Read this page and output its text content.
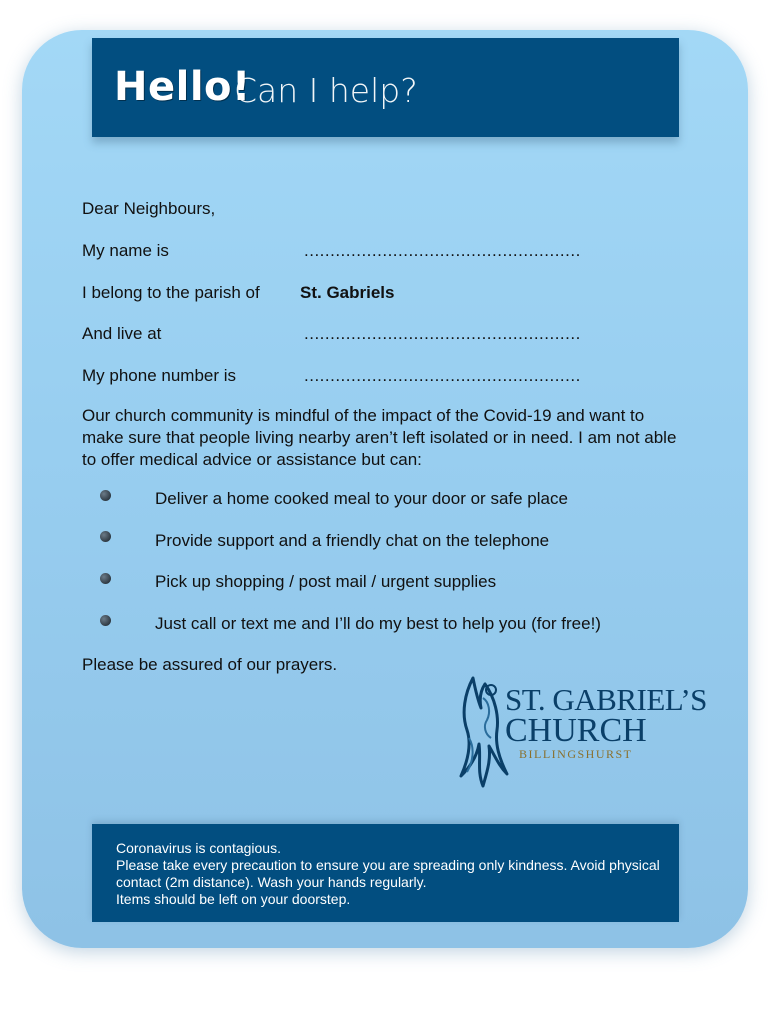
Hello!
Can I help?
Dear Neighbours,
My name is	.....................................................
I belong to the parish of St. Gabriels
And live at	.....................................................
My phone number is	.....................................................
Our church community is mindful of the impact of the Covid-19 and want to make sure that people living nearby aren’t left isolated or in need. I am not able to offer medical advice or assistance but can:
Deliver a home cooked meal to your door or safe place
Provide support and a friendly chat on the telephone
Pick up shopping / post mail / urgent supplies
Just call or text me and I’ll do my best to help you (for free!)
Please be assured of our prayers.
ST. GABRIEL’S
CHURCH
BILLINGSHURST
Coronavirus is contagious.
Please take every precaution to ensure you are spreading only kindness. Avoid physical contact (2m distance). Wash your hands regularly.
Items should be left on your doorstep.
